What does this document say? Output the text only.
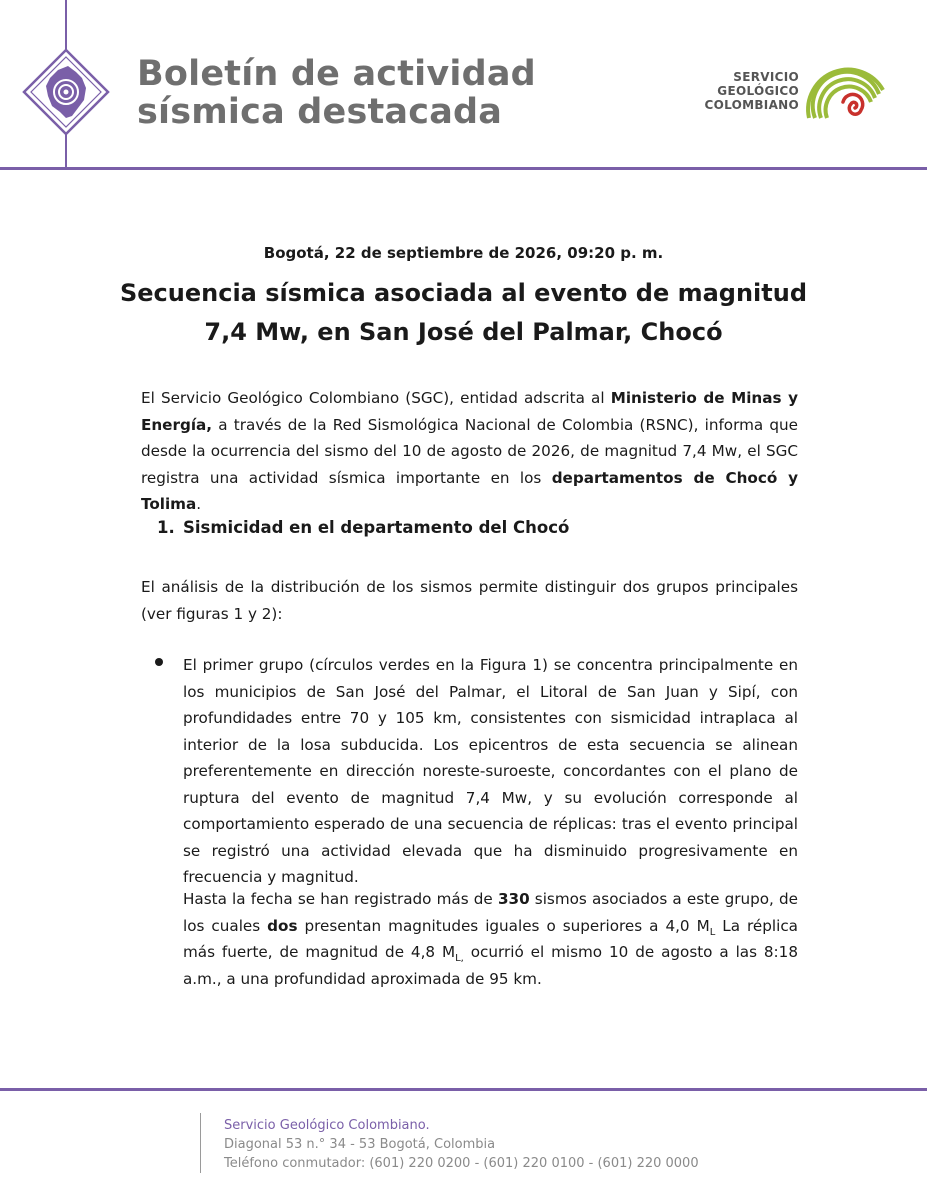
Boletín de actividad
sísmica destacada
SERVICIO
GEOLÓGICO
COLOMBIANO
Bogotá, 22 de septiembre de 2026, 09:20 p. m.
Secuencia sísmica asociada al evento de magnitud
7,4 Mw, en San José del Palmar, Chocó

El Servicio Geológico Colombiano (SGC), entidad adscrita al Ministerio de Minas y Energía, a través de la Red Sismológica Nacional de Colombia (RSNC), informa que desde la ocurrencia del sismo del 10 de agosto de 2026, de magnitud 7,4 Mw, el SGC registra una actividad sísmica importante en los departamentos de Chocó y Tolima.

1. Sismicidad en el departamento del Chocó

El análisis de la distribución de los sismos permite distinguir dos grupos principales (ver figuras 1 y 2):

El primer grupo (círculos verdes en la Figura 1) se concentra principalmente en los municipios de San José del Palmar, el Litoral de San Juan y Sipí, con profundidades entre 70 y 105 km, consistentes con sismicidad intraplaca al interior de la losa subducida. Los epicentros de esta secuencia se alinean preferentemente en dirección noreste-suroeste, concordantes con el plano de ruptura del evento de magnitud 7,4 Mw, y su evolución corresponde al comportamiento esperado de una secuencia de réplicas: tras el evento principal se registró una actividad elevada que ha disminuido progresivamente en frecuencia y magnitud.

Hasta la fecha se han registrado más de 330 sismos asociados a este grupo, de los cuales dos presentan magnitudes iguales o superiores a 4,0 $M_L$ La réplica más fuerte, de magnitud de 4,8 $M_{L,}$ ocurrió el mismo 10 de agosto a las 8:18 a.m., a una profundidad aproximada de 95 km.

Servicio Geológico Colombiano.
Diagonal 53 n.° 34 - 53 Bogotá, Colombia
Teléfono conmutador: (601) 220 0200 - (601) 220 0100 - (601) 220 0000
